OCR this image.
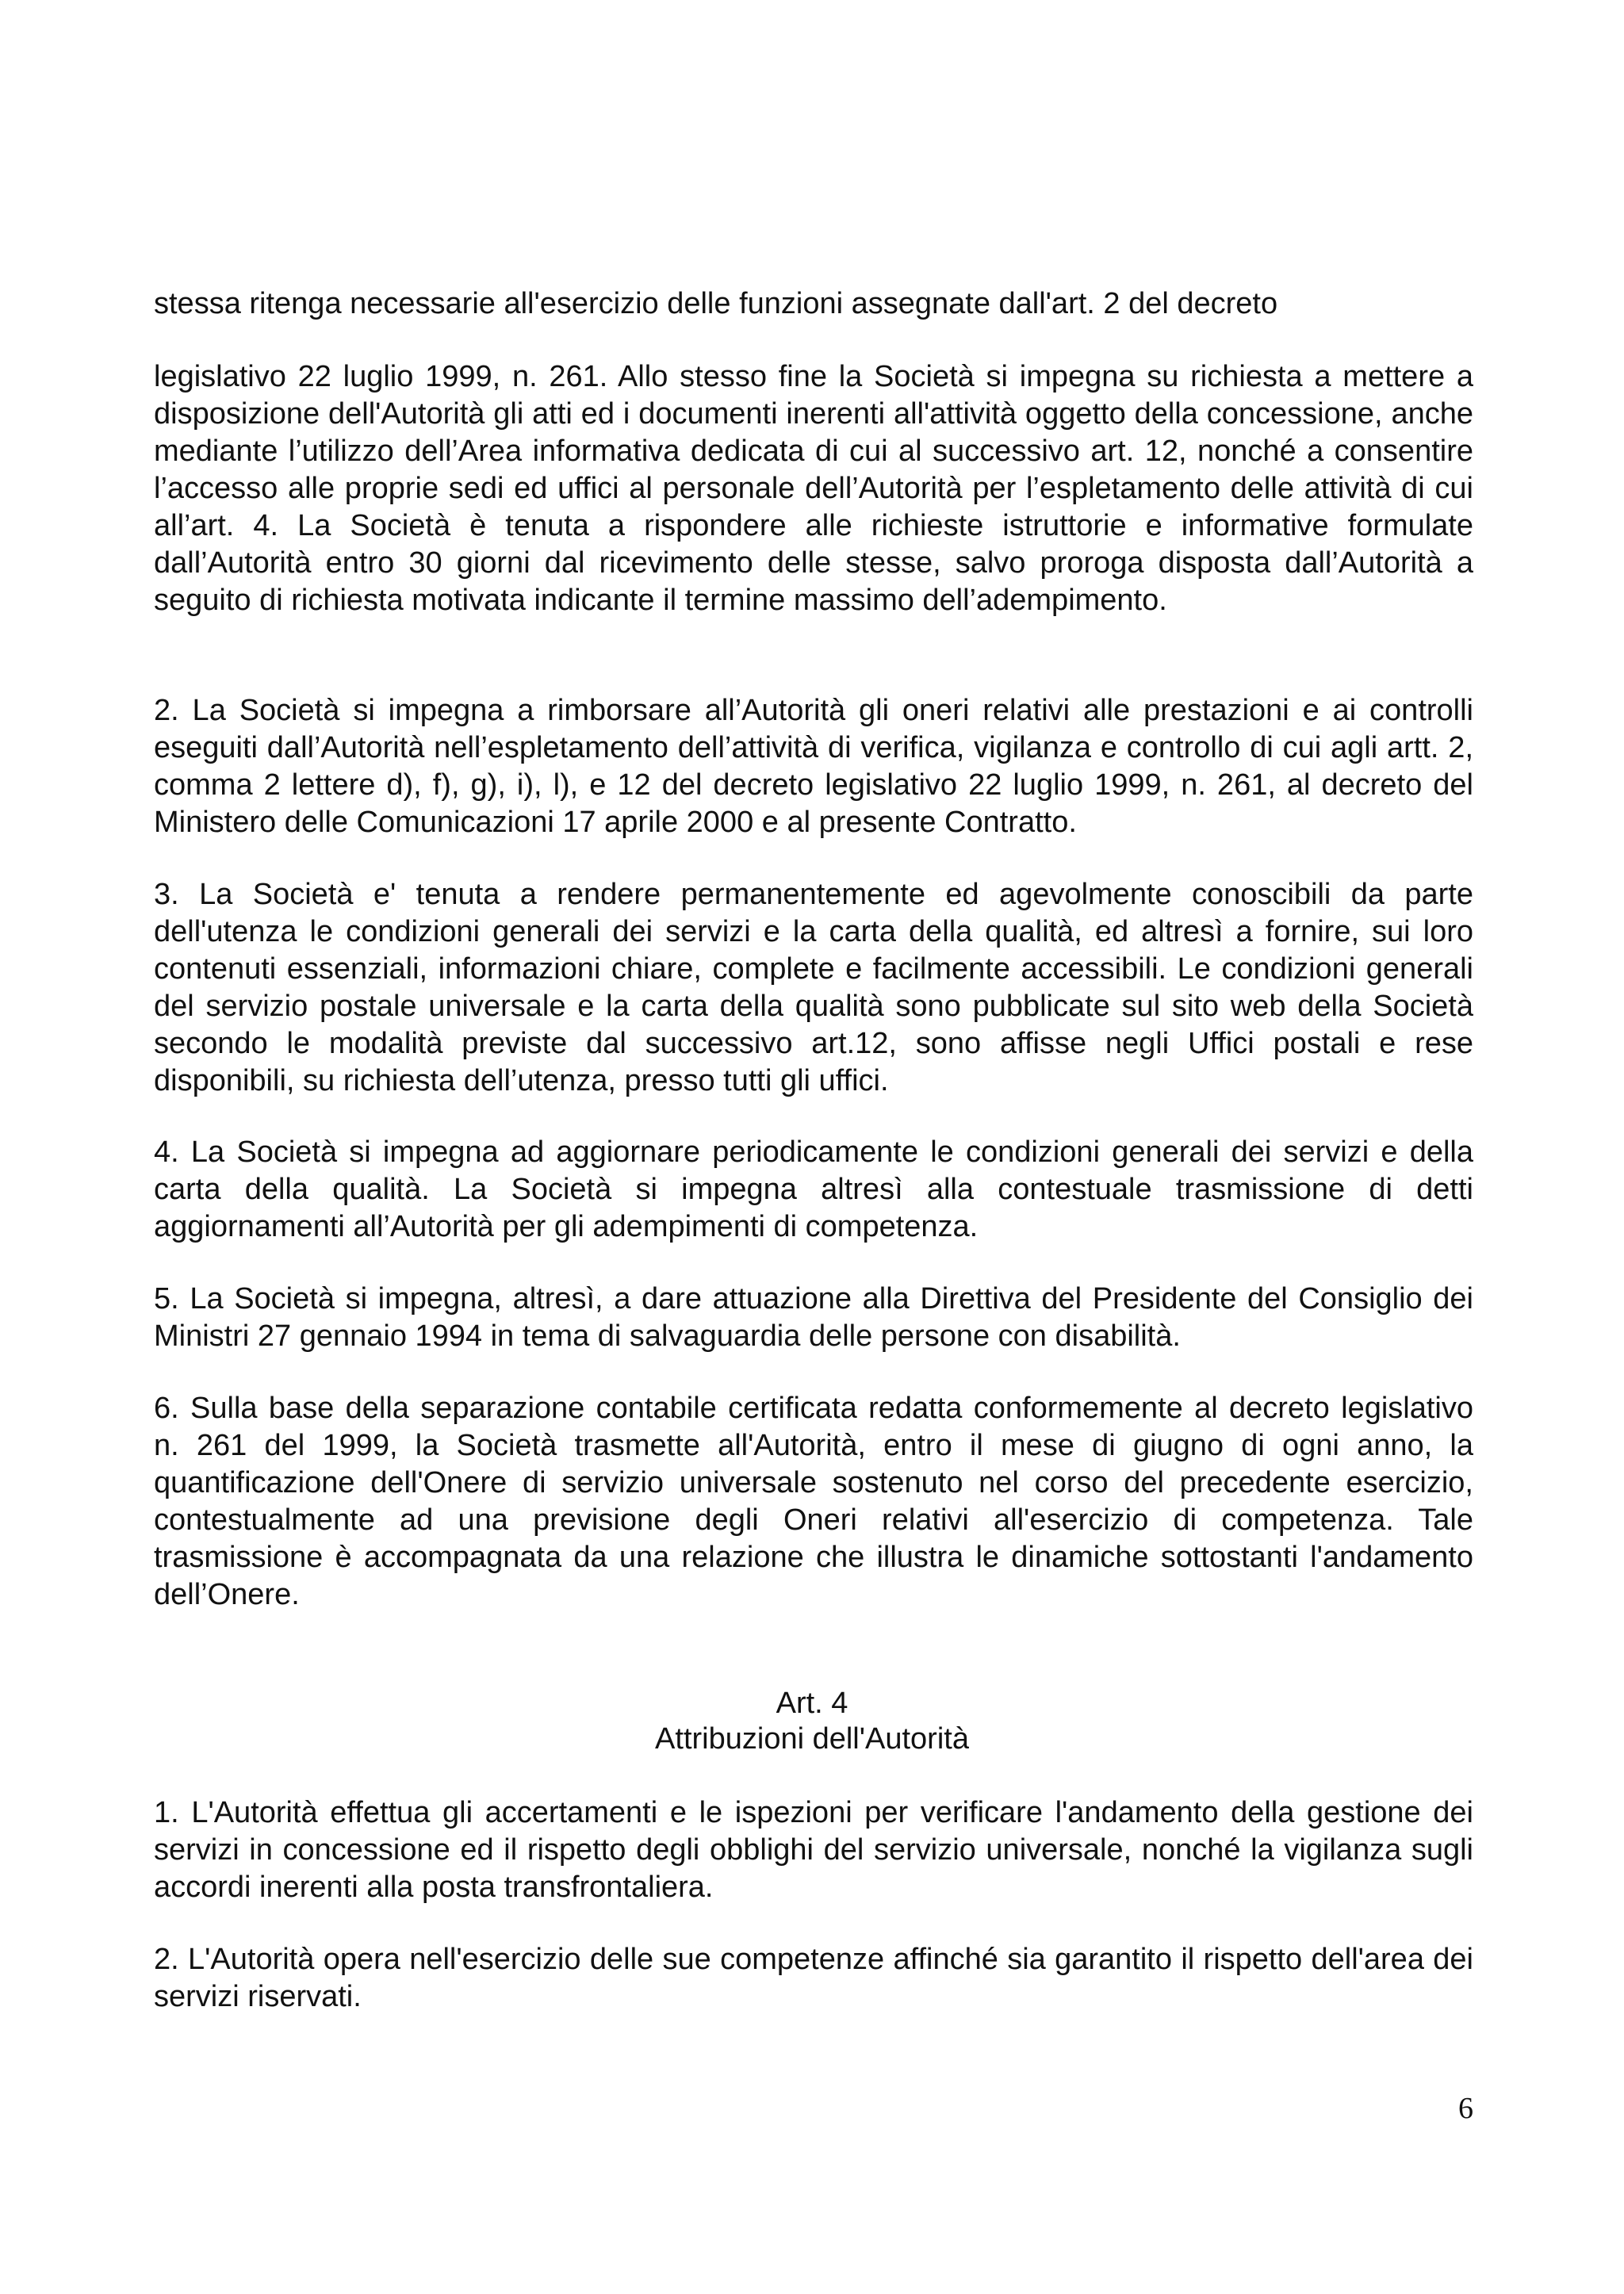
stessa ritenga necessarie all'esercizio delle funzioni assegnate dall'art. 2 del decreto

legislativo 22 luglio 1999, n. 261. Allo stesso fine la Società si impegna su richiesta a mettere a disposizione dell'Autorità gli atti ed i documenti inerenti all'attività oggetto della concessione, anche mediante l’utilizzo dell’Area informativa dedicata di cui al successivo art. 12, nonché a consentire l’accesso alle proprie sedi ed uffici al personale dell’Autorità per l’espletamento delle attività di cui all’art. 4. La Società è tenuta a rispondere alle richieste istruttorie e informative formulate dall’Autorità entro 30 giorni dal ricevimento delle stesse, salvo proroga disposta dall’Autorità a seguito di richiesta motivata indicante il termine massimo dell’adempimento.

2. La Società si impegna a rimborsare all’Autorità gli oneri relativi alle prestazioni e ai controlli eseguiti dall’Autorità nell’espletamento dell’attività di verifica, vigilanza e controllo di cui agli artt. 2, comma 2 lettere d), f), g), i), l), e 12 del decreto legislativo 22 luglio 1999, n. 261, al decreto del Ministero delle Comunicazioni 17 aprile 2000 e al presente Contratto.

3. La Società e' tenuta a rendere permanentemente ed agevolmente conoscibili da parte dell'utenza le condizioni generali dei servizi e la carta della qualità, ed altresì a fornire, sui loro contenuti essenziali, informazioni chiare, complete e facilmente accessibili. Le condizioni generali del servizio postale universale e la carta della qualità sono pubblicate sul sito web della Società secondo le modalità previste dal successivo art.12, sono affisse negli Uffici postali e rese disponibili, su richiesta dell’utenza, presso tutti gli uffici.

4. La Società si impegna ad aggiornare periodicamente le condizioni generali dei servizi e della carta della qualità. La Società si impegna altresì alla contestuale trasmissione di detti aggiornamenti all’Autorità per gli adempimenti di competenza.

5. La Società si impegna, altresì, a dare attuazione alla Direttiva del Presidente del Consiglio dei Ministri 27 gennaio 1994 in tema di salvaguardia delle persone con disabilità.

6. Sulla base della separazione contabile certificata redatta conformemente al decreto legislativo n. 261 del 1999, la Società trasmette all'Autorità, entro il mese di giugno di ogni anno, la quantificazione dell'Onere di servizio universale sostenuto nel corso del precedente esercizio, contestualmente ad una previsione degli Oneri relativi all'esercizio di competenza. Tale trasmissione è accompagnata da una relazione che illustra le dinamiche sottostanti l'andamento dell’Onere.

Art. 4
Attribuzioni dell'Autorità

1. L'Autorità effettua gli accertamenti e le ispezioni per verificare l'andamento della gestione dei servizi in concessione ed il rispetto degli obblighi del servizio universale, nonché la vigilanza sugli accordi inerenti alla posta transfrontaliera.

2. L'Autorità opera nell'esercizio delle sue competenze affinché sia garantito il rispetto dell'area dei servizi riservati.

6
